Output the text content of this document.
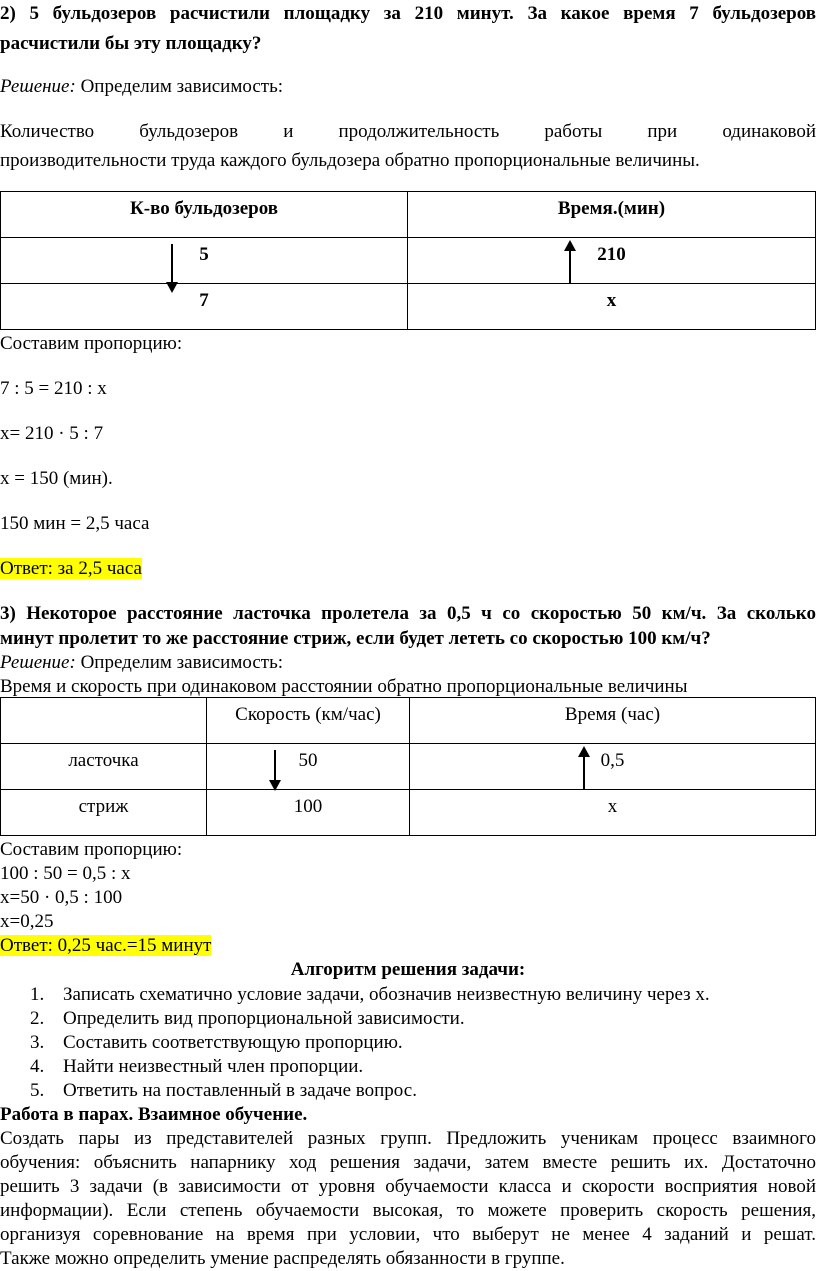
2) 5 бульдозеров расчистили площадку за 210 минут. За какое время 7 бульдозеров
расчистили бы эту площадку?
Решение: Определим зависимость:
Количество бульдозеров и продолжительность работы при одинаковой
производительности труда каждого бульдозера обратно пропорциональные величины.
К-во бульдозеров	Время.(мин)

5	210

7	x
Составим пропорцию:
7 : 5 = 210 : x
x= 210 · 5 : 7
x = 150 (мин).
150 мин = 2,5 часа
Ответ: за 2,5 часа
3) Некоторое расстояние ласточка пролетела за 0,5 ч со скоростью 50 км/ч. За сколько
минут пролетит то же расстояние стриж, если будет лететь со скоростью 100 км/ч?
Решение: Определим зависимость:
Время и скорость при одинаковом расстоянии обратно пропорциональные величины

	Скорость (км/час)	Время (час)

ласточка	50	0,5

стриж	100	x
Составим пропорцию:
100 : 50 = 0,5 : x
x=50 · 0,5 : 100
x=0,25
Ответ: 0,25 час.=15 минут
Алгоритм решения задачи:
1. Записать схематично условие задачи, обозначив неизвестную величину через x.
2. Определить вид пропорциональной зависимости.
3. Составить соответствующую пропорцию.
4. Найти неизвестный член пропорции.
5. Ответить на поставленный в задаче вопрос.
Работа в парах. Взаимное обучение.
Создать пары из представителей разных групп. Предложить ученикам процесс взаимного
обучения: объяснить напарнику ход решения задачи, затем вместе решить их. Достаточно
решить 3 задачи (в зависимости от уровня обучаемости класса и скорости восприятия новой
информации). Если степень обучаемости высокая, то можете проверить скорость решения,
организуя соревнование на время при условии, что выберут не менее 4 заданий и решат.
Также можно определить умение распределять обязанности в группе.
